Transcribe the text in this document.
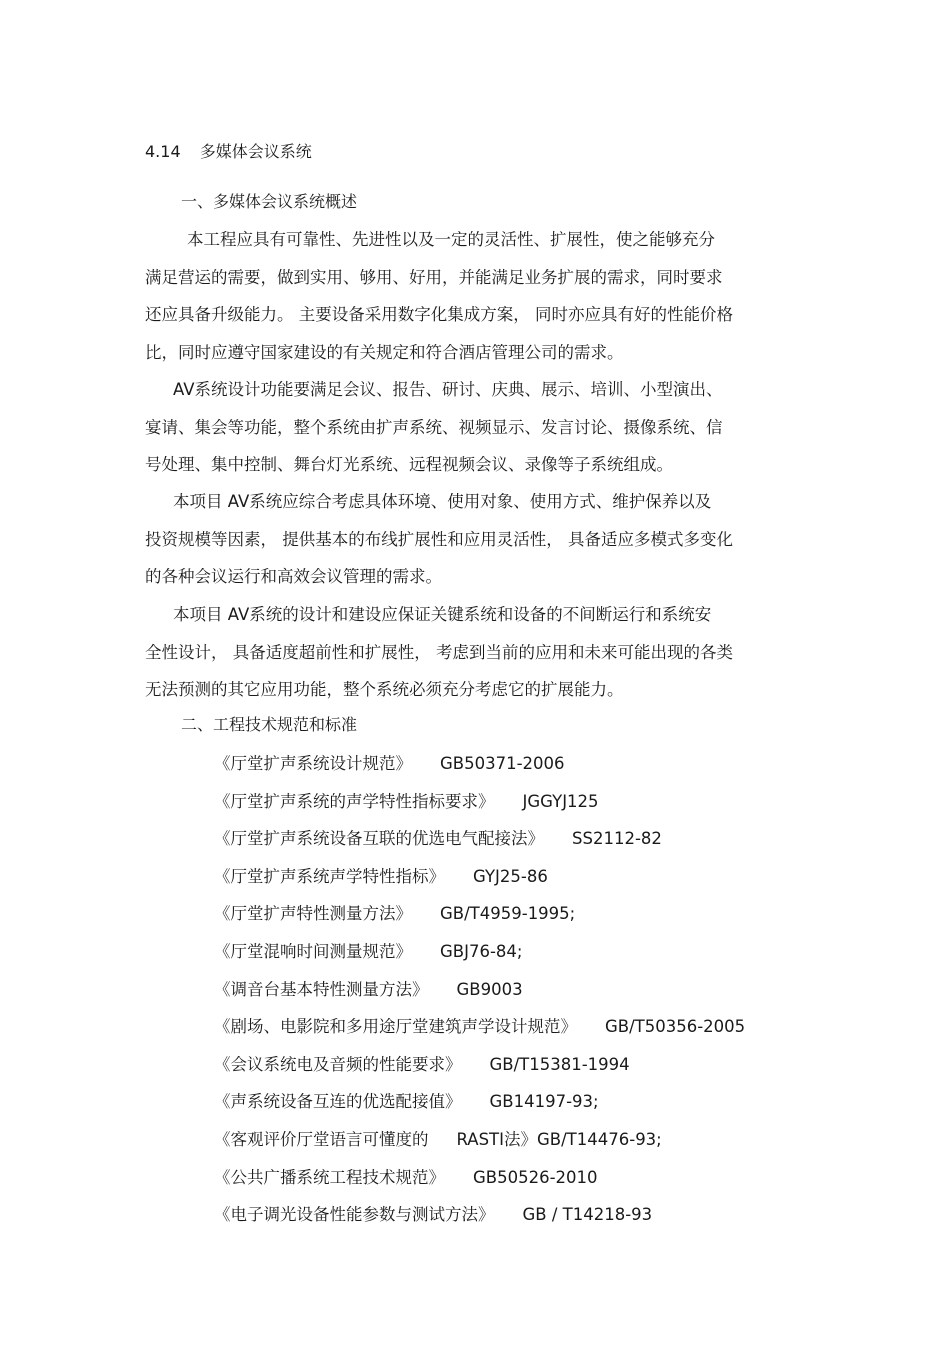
4.14 多媒体会议系统
一、多媒体会议系统概述
本工程应具有可靠性、先进性以及一定的灵活性、扩展性，使之能够充分
满足营运的需要，做到实用、够用、好用，并能满足业务扩展的需求，同时要求
还应具备升级能力。 主要设备采用数字化集成方案， 同时亦应具有好的性能价格
比，同时应遵守国家建设的有关规定和符合酒店管理公司的需求。
AV系统设计功能要满足会议、报告、研讨、庆典、展示、培训、小型演出、
宴请、集会等功能，整个系统由扩声系统、视频显示、发言讨论、摄像系统、信
号处理、集中控制、舞台灯光系统、远程视频会议、录像等子系统组成。
本项目 AV系统应综合考虑具体环境、使用对象、使用方式、维护保养以及
投资规模等因素， 提供基本的布线扩展性和应用灵活性， 具备适应多模式多变化
的各种会议运行和高效会议管理的需求。
本项目 AV系统的设计和建设应保证关键系统和设备的不间断运行和系统安
全性设计， 具备适度超前性和扩展性， 考虑到当前的应用和未来可能出现的各类
无法预测的其它应用功能，整个系统必须充分考虑它的扩展能力。
二、工程技术规范和标准
《厅堂扩声系统设计规范》 GB50371-2006
《厅堂扩声系统的声学特性指标要求》 JGGYJ125
《厅堂扩声系统设备互联的优选电气配接法》 SS2112-82
《厅堂扩声系统声学特性指标》 GYJ25-86
《厅堂扩声特性测量方法》 GB/T4959-1995;
《厅堂混响时间测量规范》 GBJ76-84;
《调音台基本特性测量方法》 GB9003
《剧场、电影院和多用途厅堂建筑声学设计规范》 GB/T50356-2005
《会议系统电及音频的性能要求》 GB/T15381-1994
《声系统设备互连的优选配接值》 GB14197-93;
《客观评价厅堂语言可懂度的 RASTI法》GB/T14476-93;
《公共广播系统工程技术规范》 GB50526-2010
《电子调光设备性能参数与测试方法》 GB / T14218-93
